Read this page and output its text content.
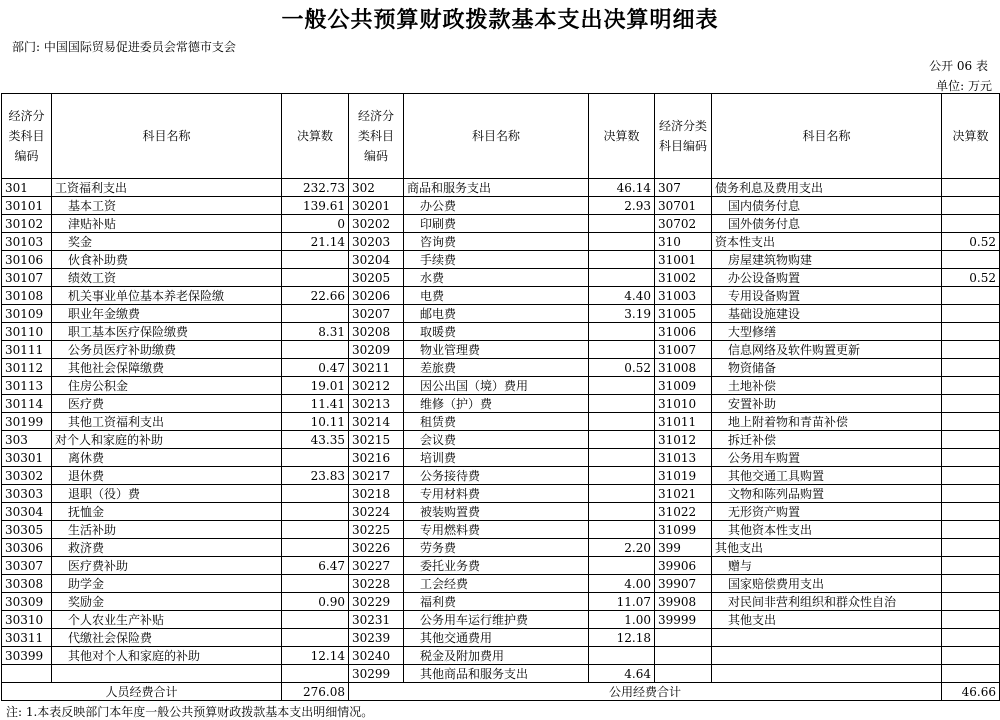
一般公共预算财政拨款基本支出决算明细表
部门: 中国国际贸易促进委员会常德市支会
公开 06 表
单位: 万元
经济分类科目编码	科目名称	决算数	经济分类科目编码	科目名称	决算数	经济分类科目编码	科目名称	决算数
301	工资福利支出	232.73	302	商品和服务支出	46.14	307	债务利息及费用支出	
30101	基本工资	139.61	30201	办公费	2.93	30701	国内债务付息	
30102	津贴补贴	0	30202	印刷费		30702	国外债务付息	
30103	奖金	21.14	30203	咨询费		310	资本性支出	0.52
30106	伙食补助费		30204	手续费		31001	房屋建筑物购建	
30107	绩效工资		30205	水费		31002	办公设备购置	0.52
30108	机关事业单位基本养老保险缴	22.66	30206	电费	4.40	31003	专用设备购置	
30109	职业年金缴费		30207	邮电费	3.19	31005	基础设施建设	
30110	职工基本医疗保险缴费	8.31	30208	取暖费		31006	大型修缮	
30111	公务员医疗补助缴费		30209	物业管理费		31007	信息网络及软件购置更新	
30112	其他社会保障缴费	0.47	30211	差旅费	0.52	31008	物资储备	
30113	住房公积金	19.01	30212	因公出国（境）费用		31009	土地补偿	
30114	医疗费	11.41	30213	维修（护）费		31010	安置补助	
30199	其他工资福利支出	10.11	30214	租赁费		31011	地上附着物和青苗补偿	
303	对个人和家庭的补助	43.35	30215	会议费		31012	拆迁补偿	
30301	离休费		30216	培训费		31013	公务用车购置	
30302	退休费	23.83	30217	公务接待费		31019	其他交通工具购置	
30303	退职（役）费		30218	专用材料费		31021	文物和陈列品购置	
30304	抚恤金		30224	被装购置费		31022	无形资产购置	
30305	生活补助		30225	专用燃料费		31099	其他资本性支出	
30306	救济费		30226	劳务费	2.20	399	其他支出	
30307	医疗费补助	6.47	30227	委托业务费		39906	赠与	
30308	助学金		30228	工会经费	4.00	39907	国家赔偿费用支出	
30309	奖励金	0.90	30229	福利费	11.07	39908	对民间非营利组织和群众性自治	
30310	个人农业生产补贴		30231	公务用车运行维护费	1.00	39999	其他支出	
30311	代缴社会保险费		30239	其他交通费用	12.18			
30399	其他对个人和家庭的补助	12.14	30240	税金及附加费用				
			30299	其他商品和服务支出	4.64			
人员经费合计		276.08	公用经费合计					46.66
注: 1.本表反映部门本年度一般公共预算财政拨款基本支出明细情况。
